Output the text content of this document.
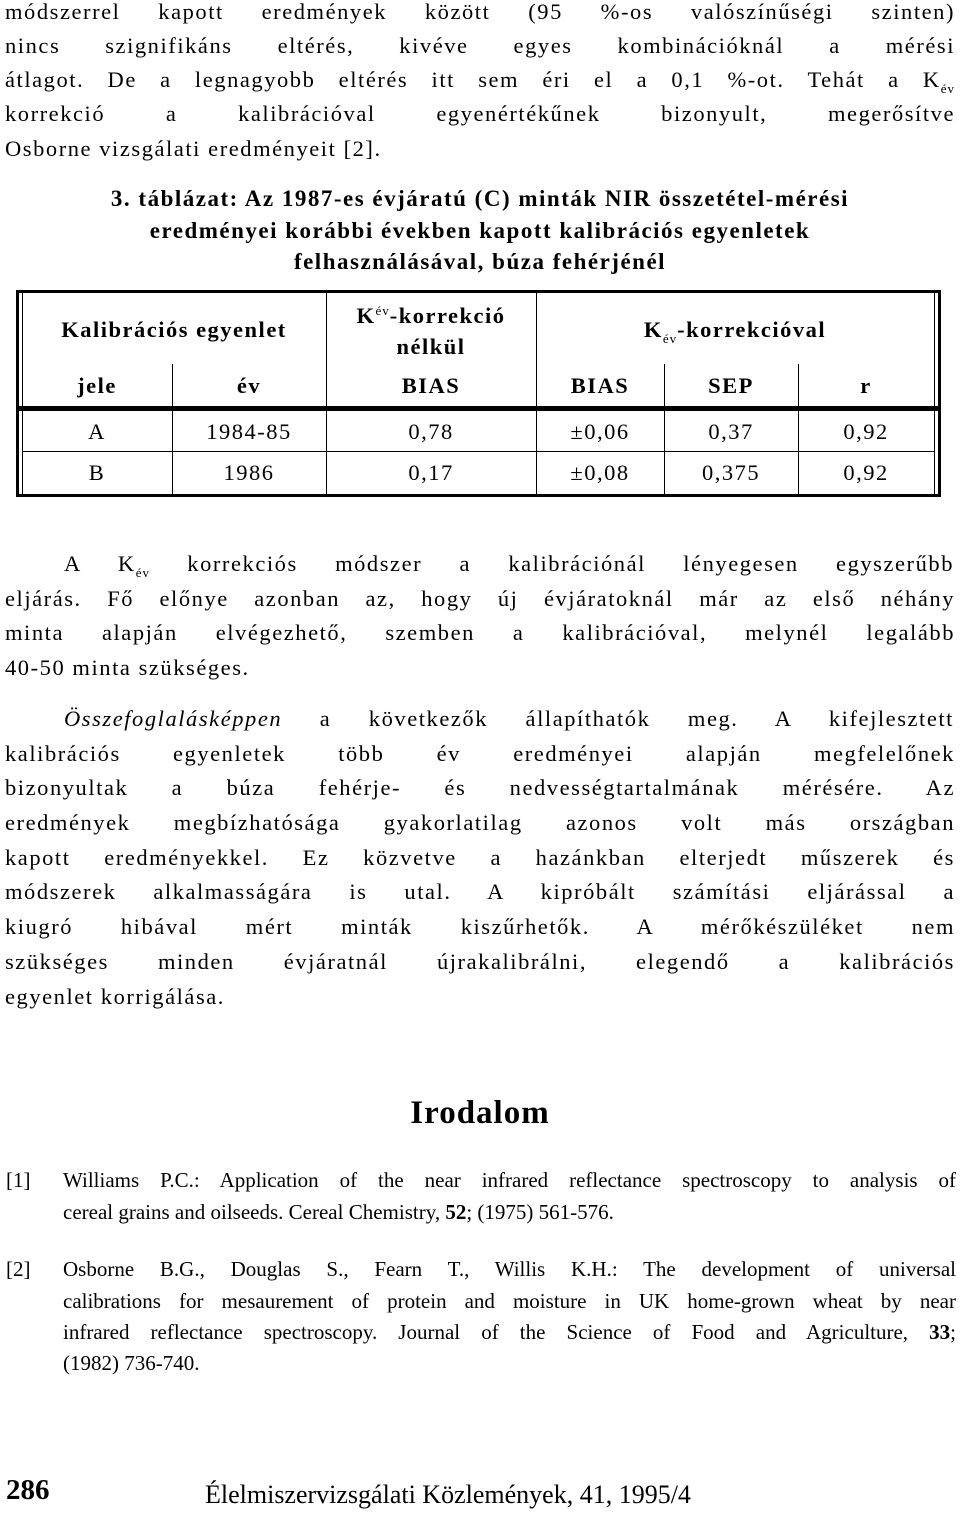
módszerrel kapott eredmények között (95 %-os valószínűségi szinten)
nincs szignifikáns eltérés, kivéve egyes kombinációknál a mérési
átlagot. De a legnagyobb eltérés itt sem éri el a 0,1 %-ot. Tehát a $K_{év}$
korrekció a kalibrációval egyenértékűnek bizonyult, megerősítve
Osborne vizsgálati eredményeit [2].
3. táblázat: Az 1987-es évjáratú (C) minták NIR összetétel-mérési
eredményei korábbi években kapott kalibrációs egyenletek
felhasználásával, búza fehérjénél
Kalibrációs egyenlet
$K^{év}$-korrekció
nélkül
$K_{év}$-korrekcióval
jele	év	BIAS	BIAS	SEP	r
A	1984-85	0,78	±0,06	0,37	0,92
B	1986	0,17	±0,08	0,375	0,92
A $K_{év}$ korrekciós módszer a kalibrációnál lényegesen egyszerűbb
eljárás. Fő előnye azonban az, hogy új évjáratoknál már az első néhány
minta alapján elvégezhető, szemben a kalibrációval, melynél legalább
40-50 minta szükséges.
Összefoglalásképpen a következők állapíthatók meg. A kifejlesztett
kalibrációs egyenletek több év eredményei alapján megfelelőnek
bizonyultak a búza fehérje- és nedvességtartalmának mérésére. Az
eredmények megbízhatósága gyakorlatilag azonos volt más országban
kapott eredményekkel. Ez közvetve a hazánkban elterjedt műszerek és
módszerek alkalmasságára is utal. A kipróbált számítási eljárással a
kiugró hibával mért minták kiszűrhetők. A mérőkészüléket nem
szükséges minden évjáratnál újrakalibrálni, elegendő a kalibrációs
egyenlet korrigálása.
Irodalom
[1] Williams P.C.: Application of the near infrared reflectance spectroscopy to analysis of
cereal grains and oilseeds. Cereal Chemistry, 52; (1975) 561-576.
[2] Osborne B.G., Douglas S., Fearn T., Willis K.H.: The development of universal
calibrations for mesaurement of protein and moisture in UK home-grown wheat by near
infrared reflectance spectroscopy. Journal of the Science of Food and Agriculture, 33;
(1982) 736-740.
286	Élelmiszervizsgálati Közlemények, 41, 1995/4
